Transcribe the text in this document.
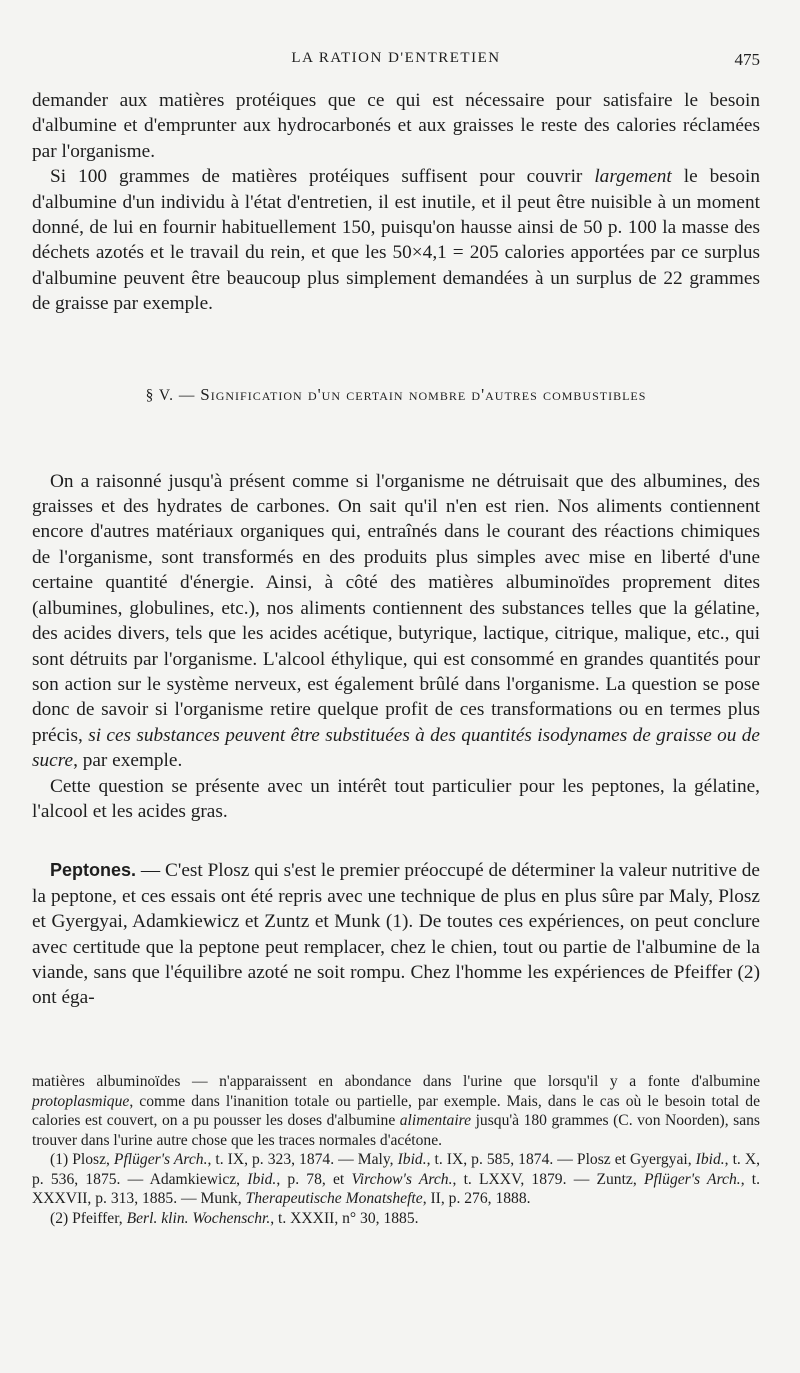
LA RATION D'ENTRETIEN	475

demander aux matières protéiques que ce qui est nécessaire pour satisfaire le besoin d'albumine et d'emprunter aux hydrocarbonés et aux graisses le reste des calories réclamées par l'organisme.

Si 100 grammes de matières protéiques suffisent pour couvrir largement le besoin d'albumine d'un individu à l'état d'entretien, il est inutile, et il peut être nuisible à un moment donné, de lui en fournir habituellement 150, puisqu'on hausse ainsi de 50 p. 100 la masse des déchets azotés et le travail du rein, et que les 50×4,1 = 205 calories apportées par ce surplus d'albumine peuvent être beaucoup plus simplement demandées à un surplus de 22 grammes de graisse par exemple.

§ V. — Signification d'un certain nombre d'autres combustibles

On a raisonné jusqu'à présent comme si l'organisme ne détruisait que des albumines, des graisses et des hydrates de carbones. On sait qu'il n'en est rien. Nos aliments contiennent encore d'autres matériaux organiques qui, entraînés dans le courant des réactions chimiques de l'organisme, sont transformés en des produits plus simples avec mise en liberté d'une certaine quantité d'énergie. Ainsi, à côté des matières albuminoïdes proprement dites (albumines, globulines, etc.), nos aliments contiennent des substances telles que la gélatine, des acides divers, tels que les acides acétique, butyrique, lactique, citrique, malique, etc., qui sont détruits par l'organisme. L'alcool éthylique, qui est consommé en grandes quantités pour son action sur le système nerveux, est également brûlé dans l'organisme. La question se pose donc de savoir si l'organisme retire quelque profit de ces transformations ou en termes plus précis, si ces substances peuvent être substituées à des quantités isodynames de graisse ou de sucre, par exemple.

Cette question se présente avec un intérêt tout particulier pour les peptones, la gélatine, l'alcool et les acides gras.

Peptones. — C'est Plosz qui s'est le premier préoccupé de déterminer la valeur nutritive de la peptone, et ces essais ont été repris avec une technique de plus en plus sûre par Maly, Plosz et Gyergyai, Adamkiewicz et Zuntz et Munk (1). De toutes ces expériences, on peut conclure avec certitude que la peptone peut remplacer, chez le chien, tout ou partie de l'albumine de la viande, sans que l'équilibre azoté ne soit rompu. Chez l'homme les expériences de Pfeiffer (2) ont éga-

matières albuminoïdes — n'apparaissent en abondance dans l'urine que lorsqu'il y a fonte d'albumine protoplasmique, comme dans l'inanition totale ou partielle, par exemple. Mais, dans le cas où le besoin total de calories est couvert, on a pu pousser les doses d'albumine alimentaire jusqu'à 180 grammes (C. von Noorden), sans trouver dans l'urine autre chose que les traces normales d'acétone.

(1) Plosz, Pflüger's Arch., t. IX, p. 323, 1874. — Maly, Ibid., t. IX, p. 585, 1874. — Plosz et Gyergyai, Ibid., t. X, p. 536, 1875. — Adamkiewicz, Ibid., p. 78, et Virchow's Arch., t. LXXV, 1879. — Zuntz, Pflüger's Arch., t. XXXVII, p. 313, 1885. — Munk, Therapeutische Monatshefte, II, p. 276, 1888.

(2) Pfeiffer, Berl. klin. Wochenschr., t. XXXII, n° 30, 1885.
